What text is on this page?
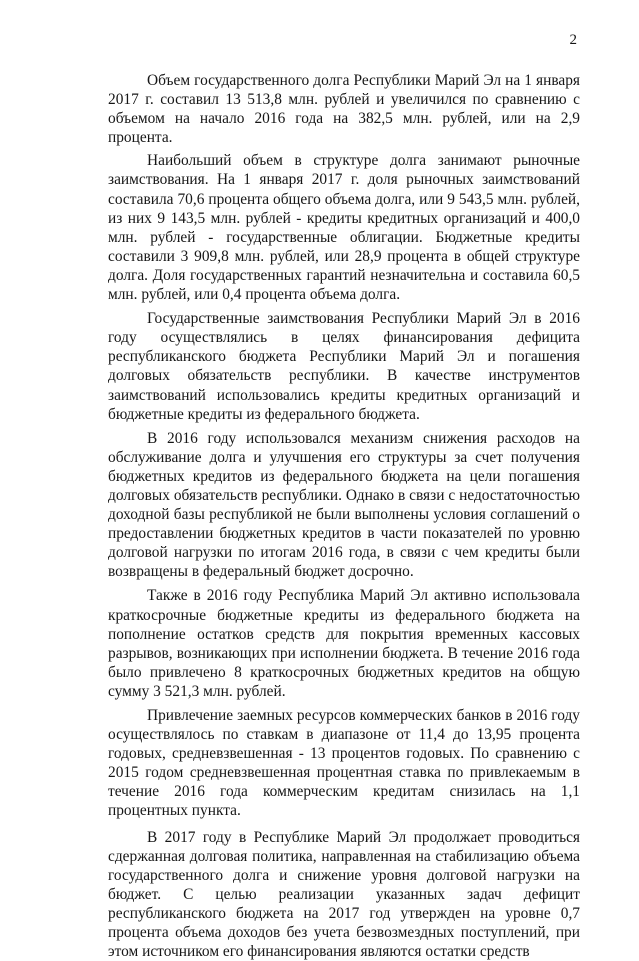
2

Объем государственного долга Республики Марий Эл на 1 января 2017 г. составил 13 513,8 млн. рублей и увеличился по сравнению с объемом на начало 2016 года на 382,5 млн. рублей, или на 2,9 процента.

Наибольший объем в структуре долга занимают рыночные заимствования. На 1 января 2017 г. доля рыночных заимствований составила 70,6 процента общего объема долга, или 9 543,5 млн. рублей, из них 9 143,5 млн. рублей - кредиты кредитных организаций и 400,0 млн. рублей - государственные облигации. Бюджетные кредиты составили 3 909,8 млн. рублей, или 28,9 процента в общей структуре долга. Доля государственных гарантий незначительна и составила 60,5 млн. рублей, или 0,4 процента объема долга.

Государственные заимствования Республики Марий Эл в 2016 году осуществлялись в целях финансирования дефицита республиканского бюджета Республики Марий Эл и погашения долговых обязательств республики. В качестве инструментов заимствований использовались кредиты кредитных организаций и бюджетные кредиты из федерального бюджета.

В 2016 году использовался механизм снижения расходов на обслуживание долга и улучшения его структуры за счет получения бюджетных кредитов из федерального бюджета на цели погашения долговых обязательств республики. Однако в связи с недостаточностью доходной базы республикой не были выполнены условия соглашений о предоставлении бюджетных кредитов в части показателей по уровню долговой нагрузки по итогам 2016 года, в связи с чем кредиты были возвращены в федеральный бюджет досрочно.

Также в 2016 году Республика Марий Эл активно использовала краткосрочные бюджетные кредиты из федерального бюджета на пополнение остатков средств для покрытия временных кассовых разрывов, возникающих при исполнении бюджета. В течение 2016 года было привлечено 8 краткосрочных бюджетных кредитов на общую сумму 3 521,3 млн. рублей.

Привлечение заемных ресурсов коммерческих банков в 2016 году осуществлялось по ставкам в диапазоне от 11,4 до 13,95 процента годовых, средневзвешенная - 13 процентов годовых. По сравнению с 2015 годом средневзвешенная процентная ставка по привлекаемым в течение 2016 года коммерческим кредитам снизилась на 1,1 процентных пункта.

В 2017 году в Республике Марий Эл продолжает проводиться сдержанная долговая политика, направленная на стабилизацию объема государственного долга и снижение уровня долговой нагрузки на бюджет. С целью реализации указанных задач дефицит республиканского бюджета на 2017 год утвержден на уровне 0,7 процента объема доходов без учета безвозмездных поступлений, при этом источником его финансирования являются остатки средств
